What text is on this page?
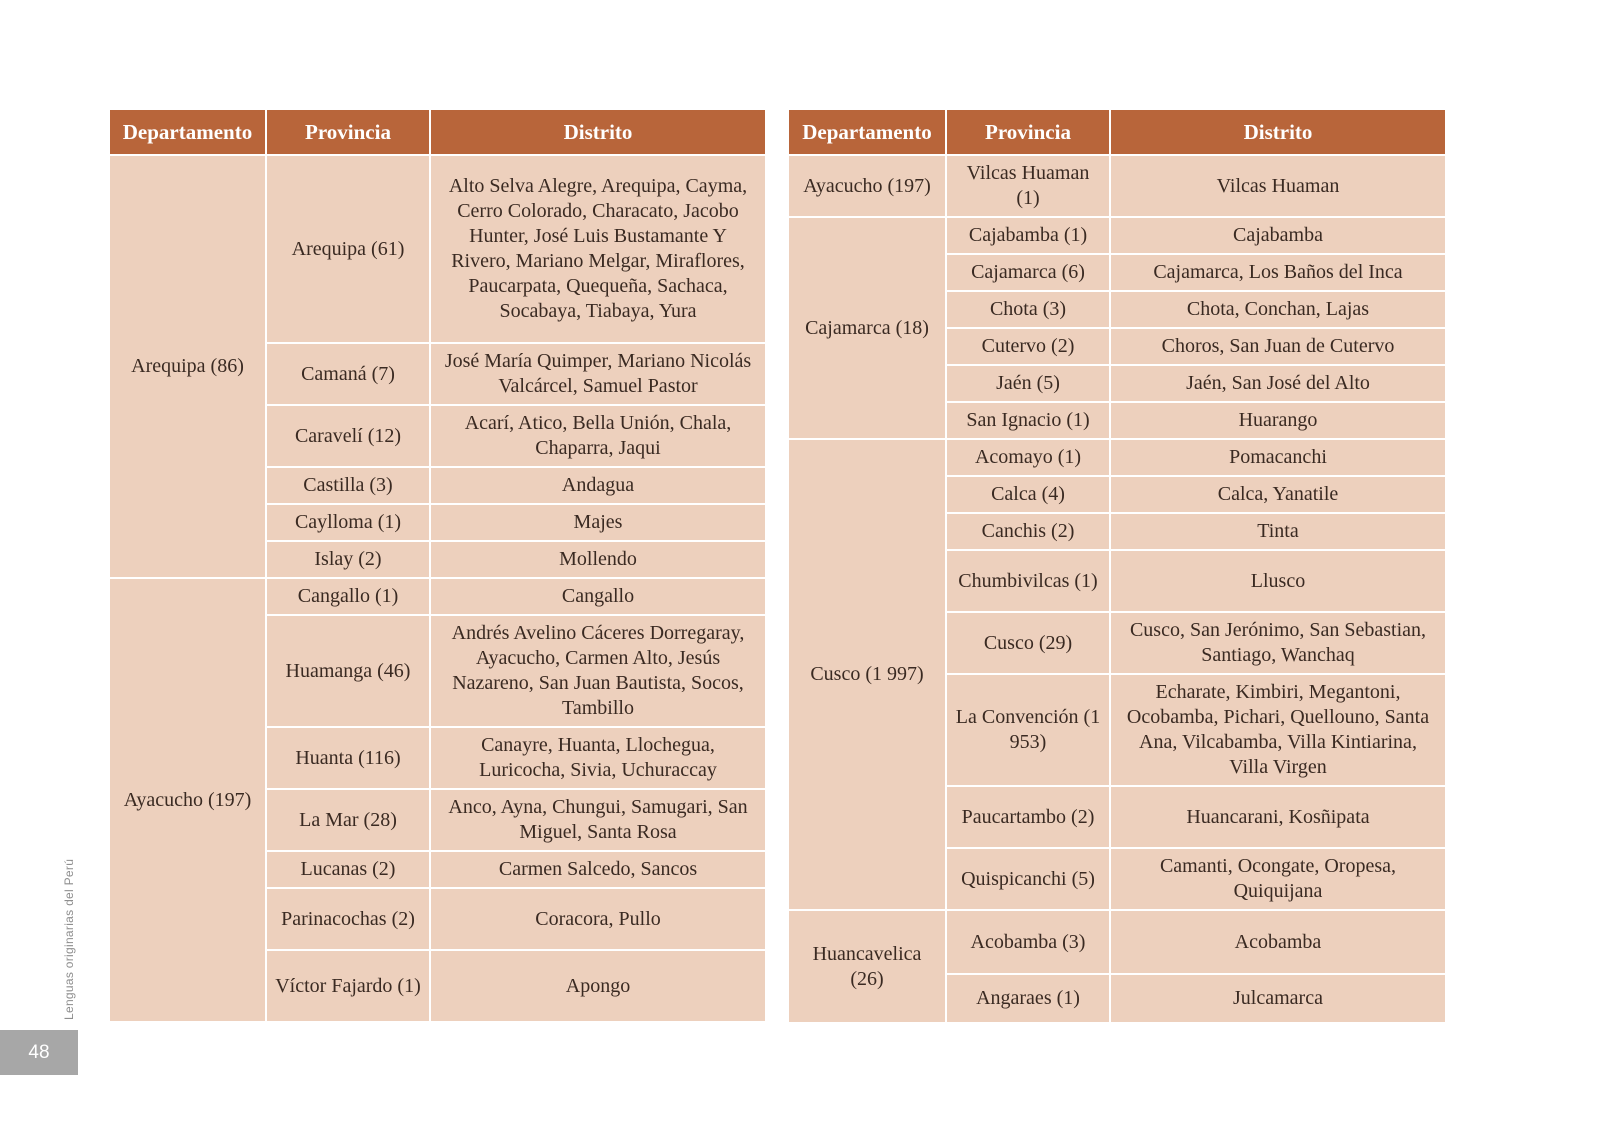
Departamento	Provincia	Distrito
Arequipa (86)	Arequipa (61)	Alto Selva Alegre, Arequipa, Cayma, Cerro Colorado, Characato, Jacobo Hunter, José Luis Bustamante Y Rivero, Mariano Melgar, Miraflores, Paucarpata, Quequeña, Sachaca, Socabaya, Tiabaya, Yura
	Camaná (7)	José María Quimper, Mariano Nicolás Valcárcel, Samuel Pastor
	Caravelí (12)	Acarí, Atico, Bella Unión, Chala, Chaparra, Jaqui
	Castilla (3)	Andagua
	Caylloma (1)	Majes
	Islay (2)	Mollendo
Ayacucho (197)	Cangallo (1)	Cangallo
	Huamanga (46)	Andrés Avelino Cáceres Dorregaray, Ayacucho, Carmen Alto, Jesús Nazareno, San Juan Bautista, Socos, Tambillo
	Huanta (116)	Canayre, Huanta, Llochegua, Luricocha, Sivia, Uchuraccay
	La Mar (28)	Anco, Ayna, Chungui, Samugari, San Miguel, Santa Rosa
	Lucanas (2)	Carmen Salcedo, Sancos
	Parinacochas (2)	Coracora, Pullo
	Víctor Fajardo (1)	Apongo
Departamento	Provincia	Distrito
Ayacucho (197)	Vilcas Huaman (1)	Vilcas Huaman
Cajamarca (18)	Cajabamba (1)	Cajabamba
	Cajamarca (6)	Cajamarca, Los Baños del Inca
	Chota (3)	Chota, Conchan, Lajas
	Cutervo (2)	Choros, San Juan de Cutervo
	Jaén (5)	Jaén, San José del Alto
	San Ignacio (1)	Huarango
Cusco (1 997)	Acomayo (1)	Pomacanchi
	Calca (4)	Calca, Yanatile
	Canchis (2)	Tinta
	Chumbivilcas (1)	Llusco
	Cusco (29)	Cusco, San Jerónimo, San Sebastian, Santiago, Wanchaq
	La Convención (1 953)	Echarate, Kimbiri, Megantoni, Ocobamba, Pichari, Quellouno, Santa Ana, Vilcabamba, Villa Kintiarina, Villa Virgen
	Paucartambo (2)	Huancarani, Kosñipata
	Quispicanchi (5)	Camanti, Ocongate, Oropesa, Quiquijana
Huancavelica (26)	Acobamba (3)	Acobamba
	Angaraes (1)	Julcamarca
Lenguas originarias del Perú
48
